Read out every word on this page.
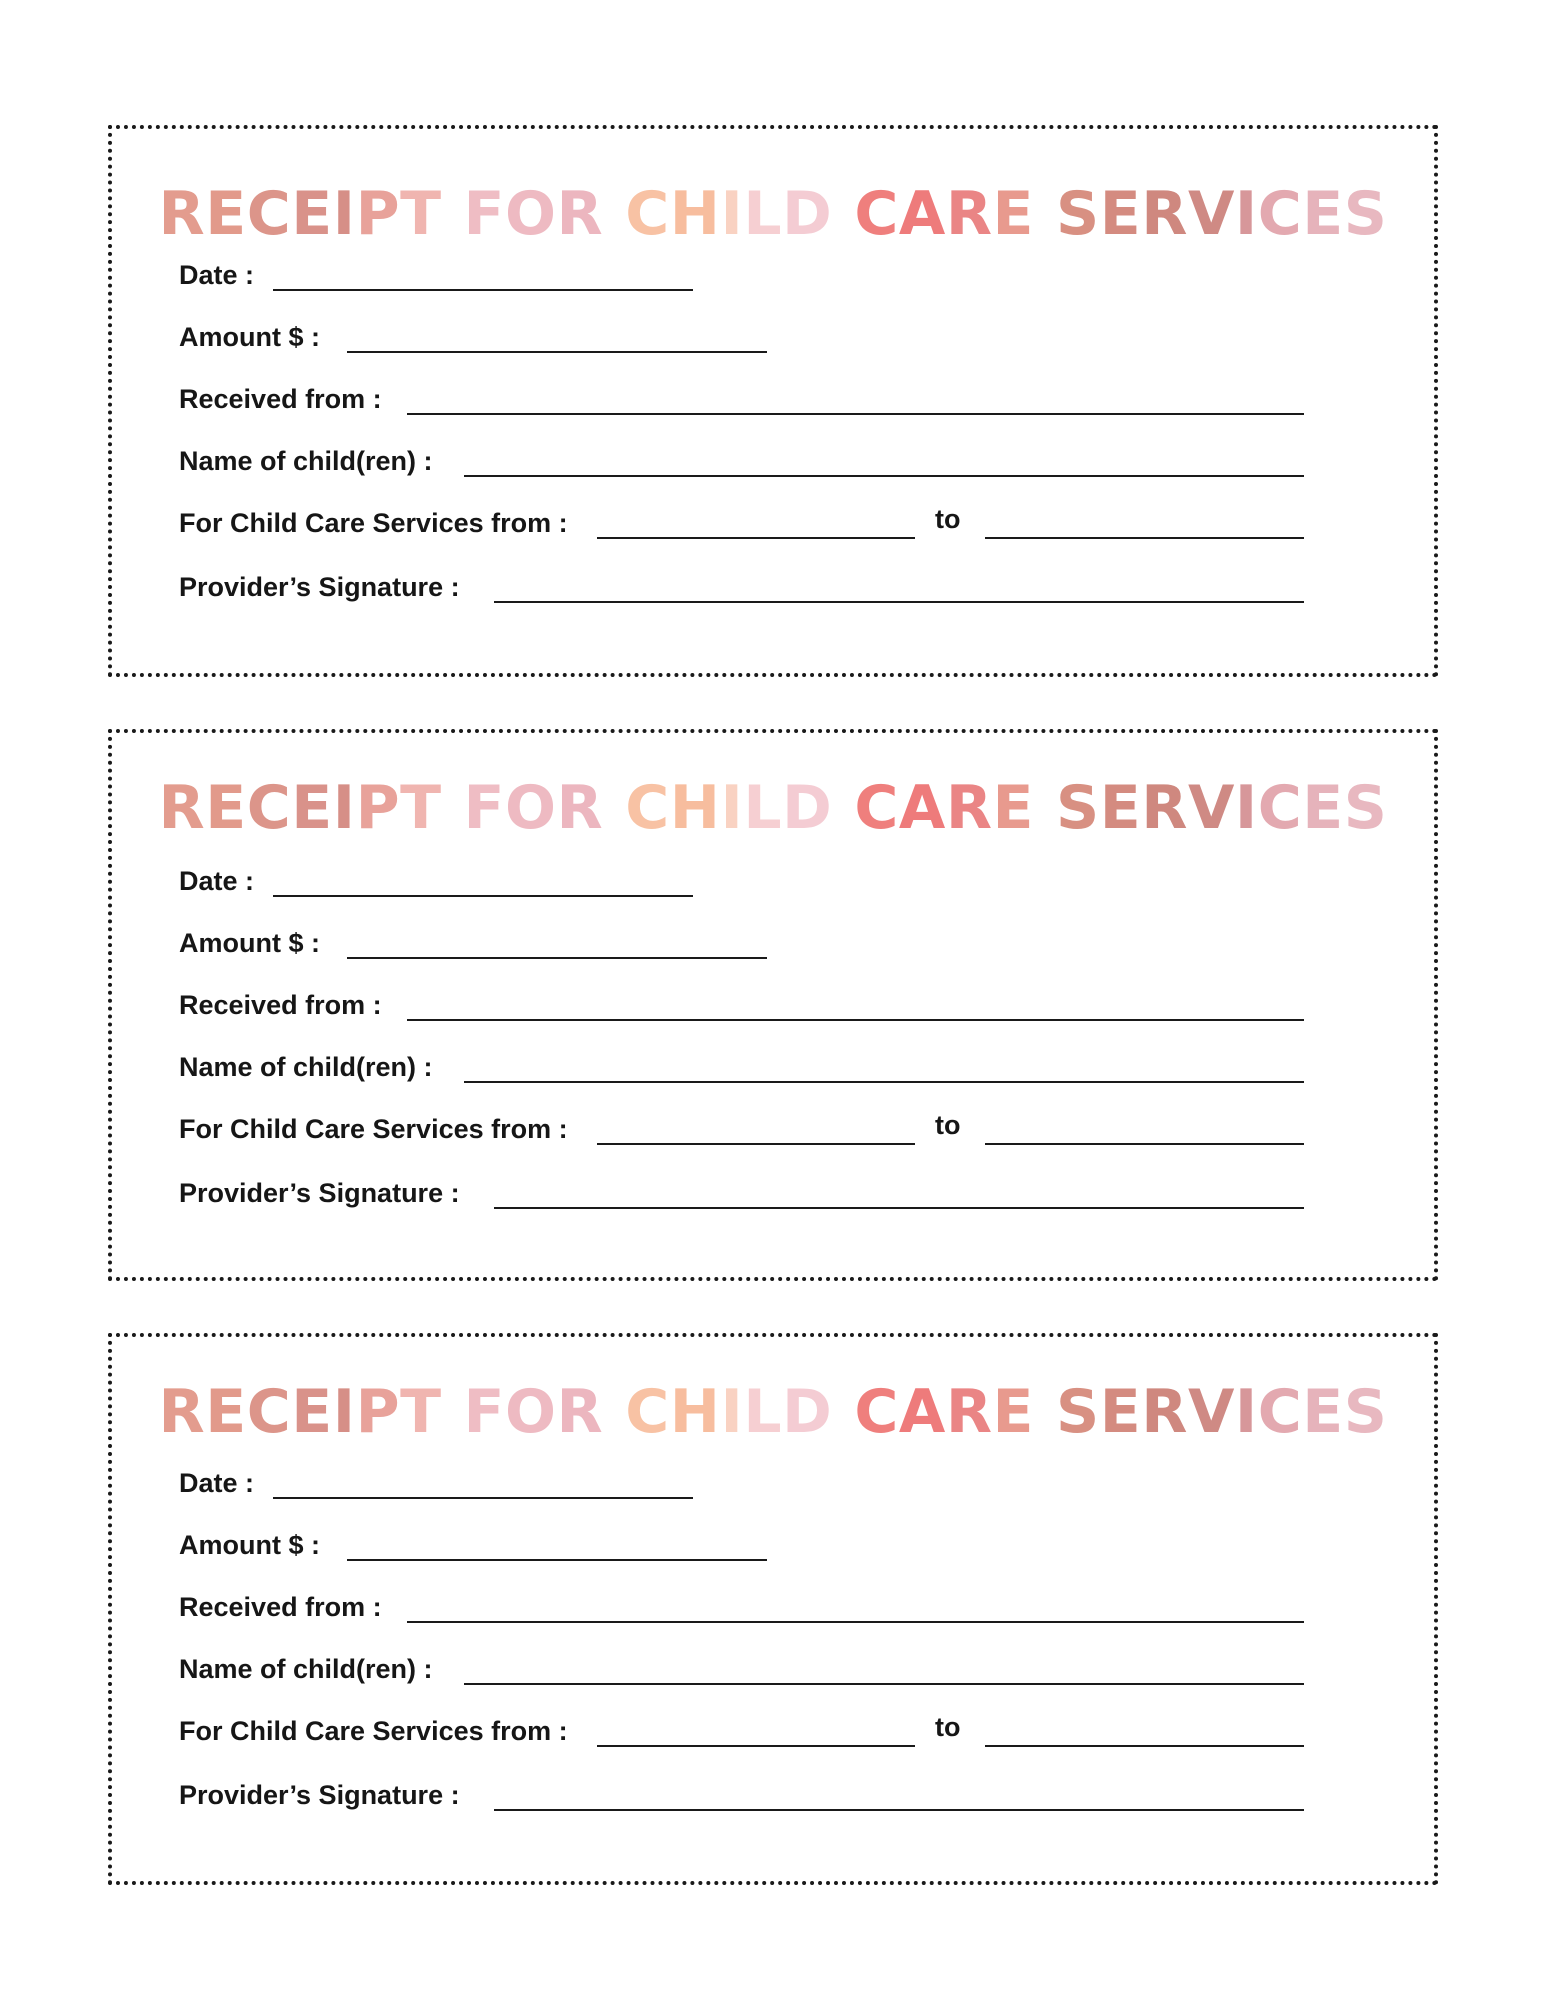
RECEIPT FOR CHILD CARE SERVICES
Date :
Amount $ :
Received from :
Name of child(ren) :
For Child Care Services from :	to
Provider’s Signature :
RECEIPT FOR CHILD CARE SERVICES
Date :
Amount $ :
Received from :
Name of child(ren) :
For Child Care Services from :	to
Provider’s Signature :
RECEIPT FOR CHILD CARE SERVICES
Date :
Amount $ :
Received from :
Name of child(ren) :
For Child Care Services from :	to
Provider’s Signature :
